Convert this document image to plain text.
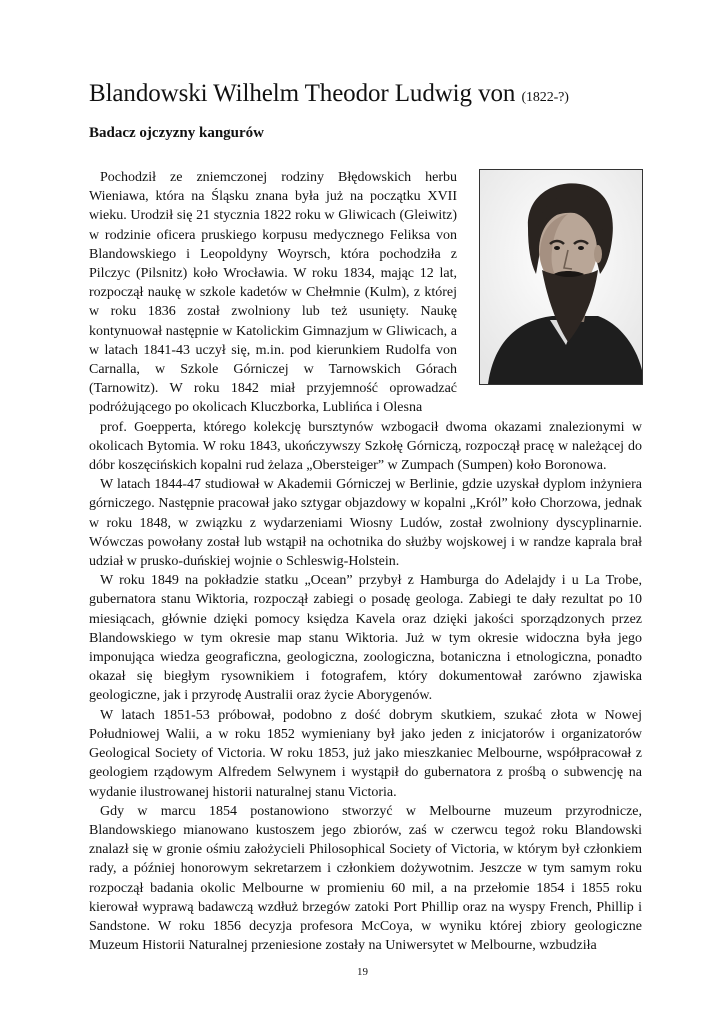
Blandowski Wilhelm Theodor Ludwig von (1822-?)
Badacz ojczyzny kangurów
Pochodził ze zniemczonej rodziny Błędowskich herbu Wieniawa, która na Śląsku znana była już na początku XVII wieku. Urodził się 21 stycznia 1822 roku w Gliwicach (Gleiwitz) w rodzinie oficera pruskiego korpusu medycznego Feliksa von Blandowskiego i Leopoldyny Woyrsch, która pochodziła z Pilczyc (Pilsnitz) koło Wrocławia. W roku 1834, mając 12 lat, rozpoczął naukę w szkole kadetów w Chełmnie (Kulm), z której w roku 1836 został zwolniony lub też usunięty. Naukę kontynuował następnie w Katolickim Gimnazjum w Gliwicach, a w latach 1841-43 uczył się, m.in. pod kierunkiem Rudolfa von Carnalla, w Szkole Górniczej w Tarnowskich Górach (Tarnowitz). W roku 1842 miał przyjemność oprowadzać podróżującego po okolicach Kluczborka, Lublińca i Olesna
prof. Goepperta, którego kolekcję bursztynów wzbogacił dwoma okazami znalezionymi w okolicach Bytomia. W roku 1843, ukończywszy Szkołę Górniczą, rozpoczął pracę w należącej do dóbr koszęcińskich kopalni rud żelaza „Obersteiger” w Zumpach (Sumpen) koło Boronowa.
W latach 1844-47 studiował w Akademii Górniczej w Berlinie, gdzie uzyskał dyplom inżyniera górniczego. Następnie pracował jako sztygar objazdowy w kopalni „Król” koło Chorzowa, jednak w roku 1848, w związku z wydarzeniami Wiosny Ludów, został zwolniony dyscyplinarnie. Wówczas powołany został lub wstąpił na ochotnika do służby wojskowej i w randze kaprala brał udział w prusko-duńskiej wojnie o Schleswig-Holstein.
W roku 1849 na pokładzie statku „Ocean” przybył z Hamburga do Adelajdy i u La Trobe, gubernatora stanu Wiktoria, rozpoczął zabiegi o posadę geologa. Zabiegi te dały rezultat po 10 miesiącach, głównie dzięki pomocy księdza Kavela oraz dzięki jakości sporządzonych przez Blandowskiego w tym okresie map stanu Wiktoria. Już w tym okresie widoczna była jego imponująca wiedza geograficzna, geologiczna, zoologiczna, botaniczna i etnologiczna, ponadto okazał się biegłym rysownikiem i fotografem, który dokumentował zarówno zjawiska geologiczne, jak i przyrodę Australii oraz życie Aborygenów.
W latach 1851-53 próbował, podobno z dość dobrym skutkiem, szukać złota w Nowej Południowej Walii, a w roku 1852 wymieniany był jako jeden z inicjatorów i organizatorów Geological Society of Victoria. W roku 1853, już jako mieszkaniec Melbourne, współpracował z geologiem rządowym Alfredem Selwynem i wystąpił do gubernatora z prośbą o subwencję na wydanie ilustrowanej historii naturalnej stanu Victoria.
Gdy w marcu 1854 postanowiono stworzyć w Melbourne muzeum przyrodnicze, Blandowskiego mianowano kustoszem jego zbiorów, zaś w czerwcu tegoż roku Blandowski znalazł się w gronie ośmiu założycieli Philosophical Society of Victoria, w którym był członkiem rady, a później honorowym sekretarzem i członkiem dożywotnim. Jeszcze w tym samym roku rozpoczął badania okolic Melbourne w promieniu 60 mil, a na przełomie 1854 i 1855 roku kierował wyprawą badawczą wzdłuż brzegów zatoki Port Phillip oraz na wyspy French, Phillip i Sandstone. W roku 1856 decyzja profesora McCoya, w wyniku której zbiory geologiczne Muzeum Historii Naturalnej przeniesione zostały na Uniwersytet w Melbourne, wzbudziła
19
